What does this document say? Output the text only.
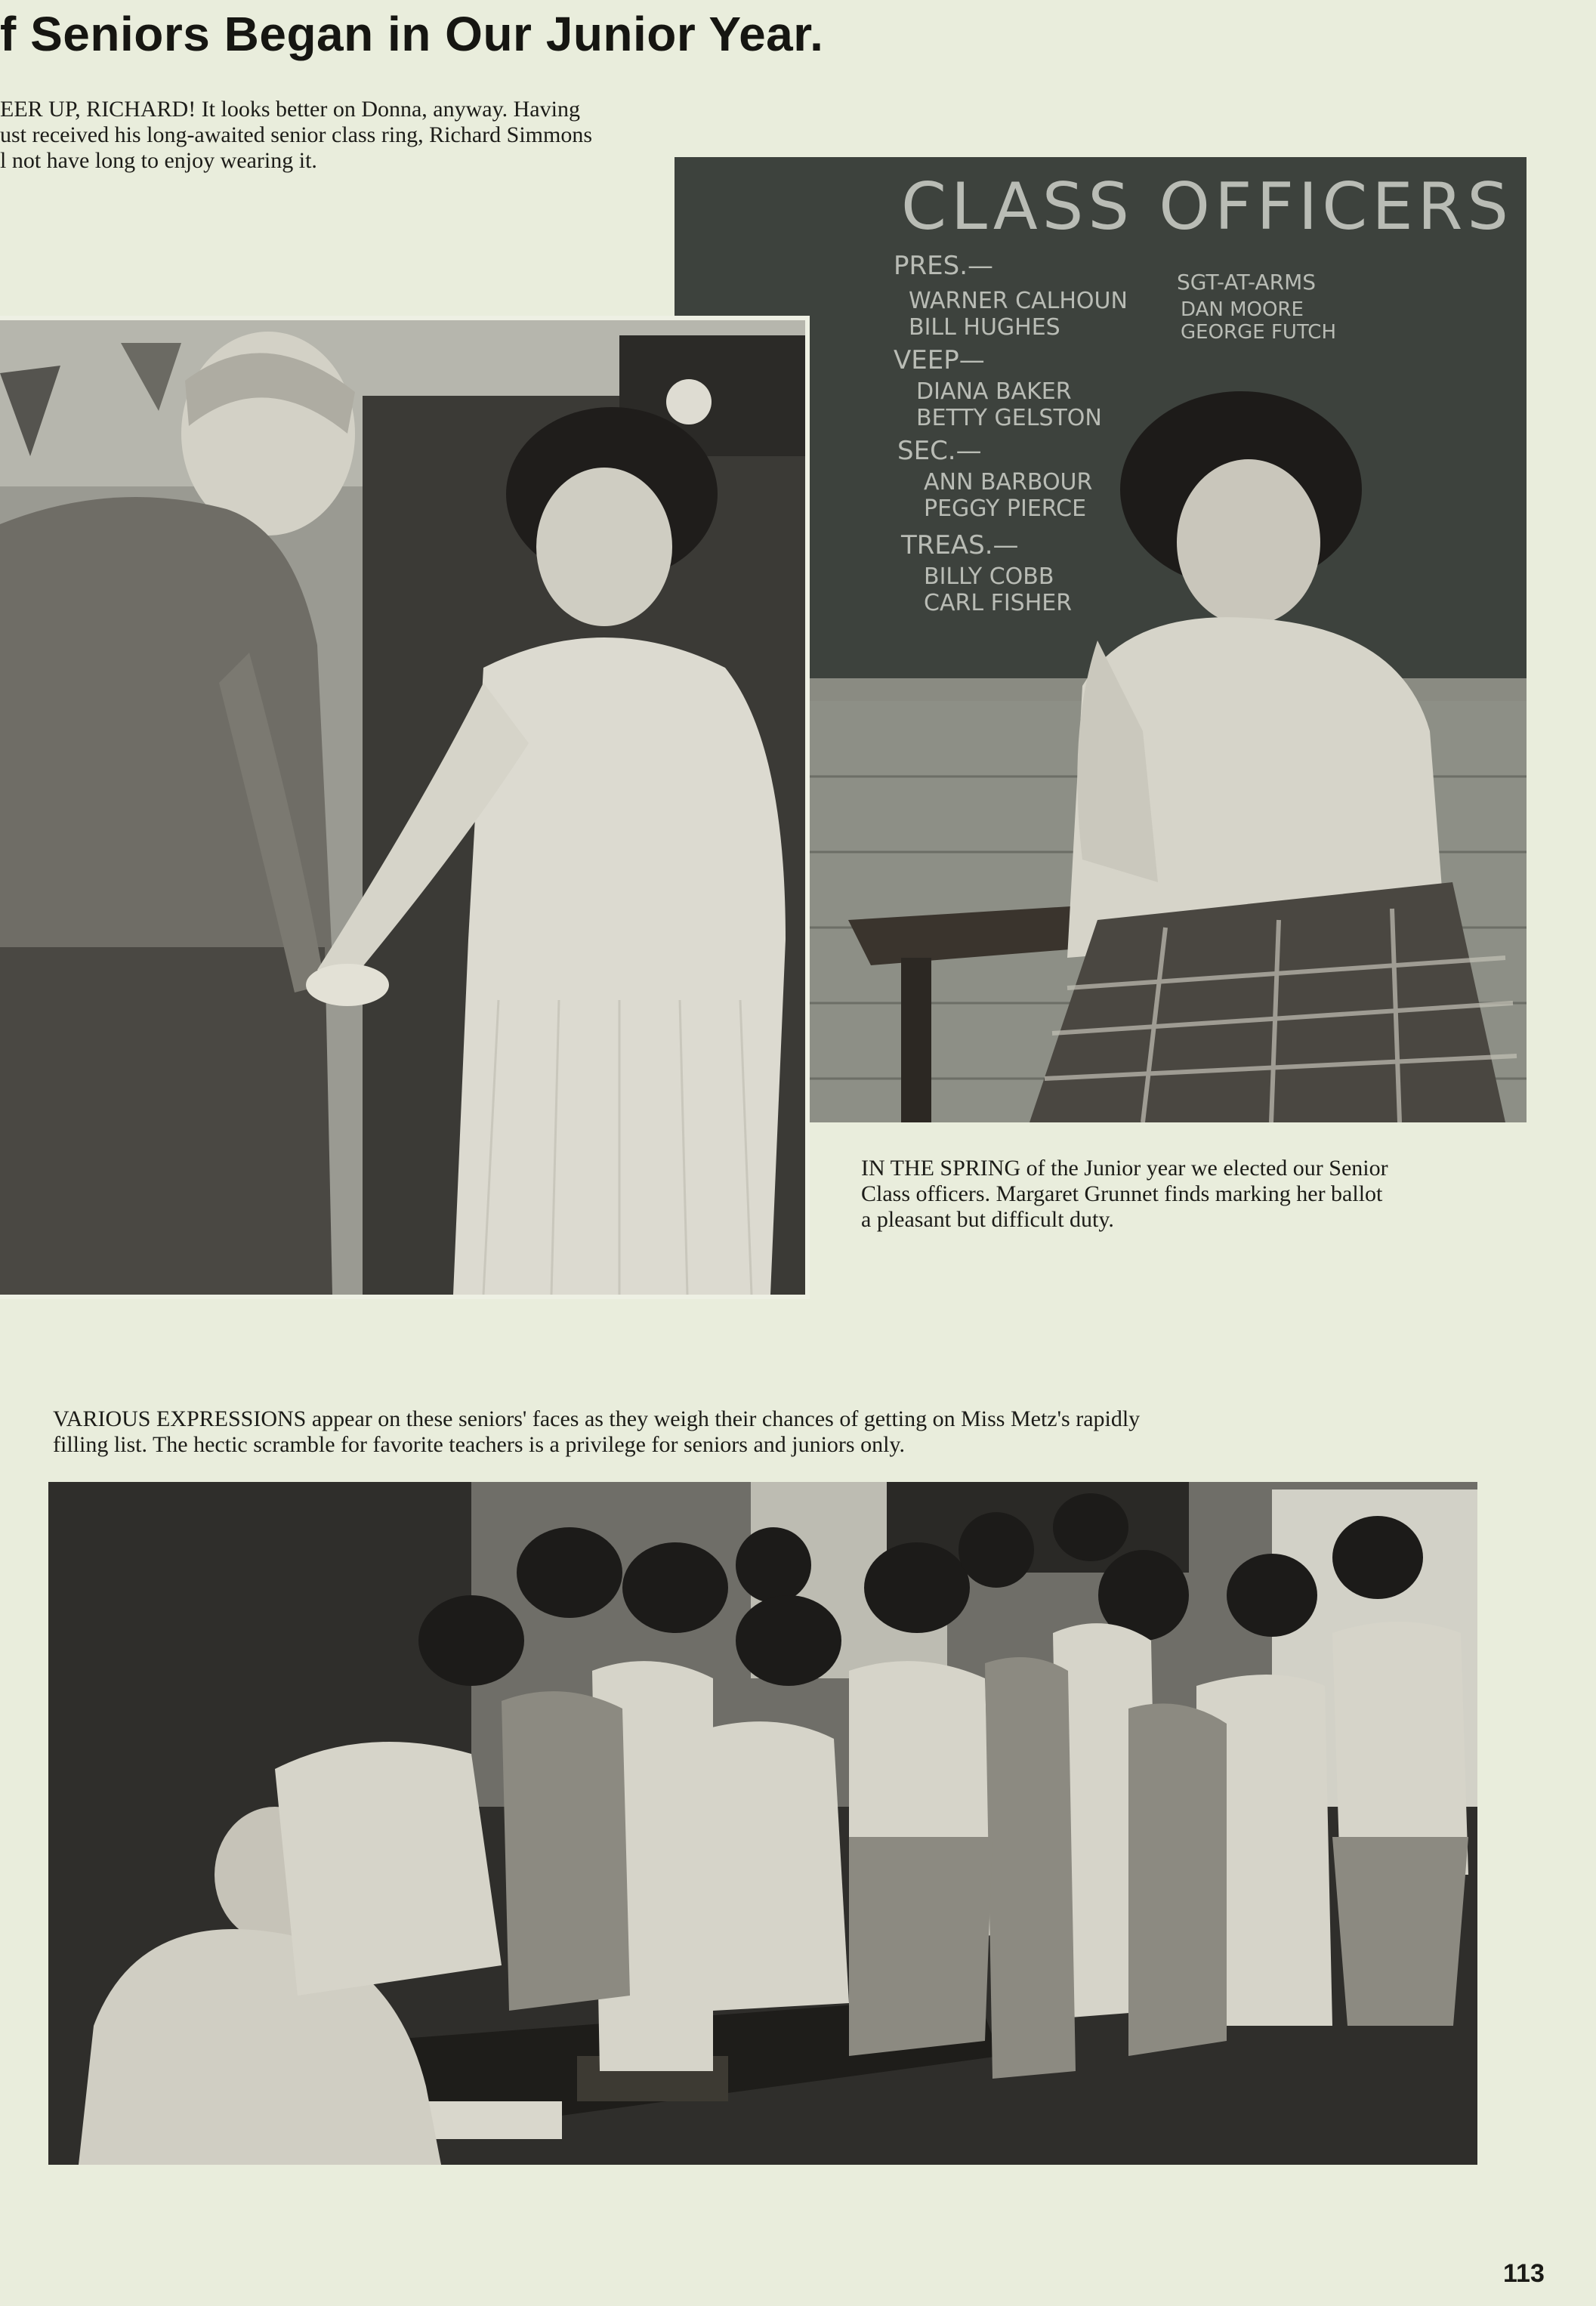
f Seniors Began in Our Junior Year.
EER UP, RICHARD! It looks better on Donna, anyway. Having
ust received his long-awaited senior class ring, Richard Simmons
l not have long to enjoy wearing it.
CLASS OFFICERS
PRES.—
WARNER CALHOUN
BILL HUGHES
VEEP—
DIANA BAKER
BETTY GELSTON
SEC.—
ANN BARBOUR
PEGGY PIERCE
TREAS.—
BILLY COBB
CARL FISHER
SGT-AT-ARMS
DAN MOORE
GEORGE FUTCH
IN THE SPRING of the Junior year we elected our Senior
Class officers. Margaret Grunnet finds marking her ballot
a pleasant but difficult duty.
VARIOUS EXPRESSIONS appear on these seniors' faces as they weigh their chances of getting on Miss Metz's rapidly
filling list. The hectic scramble for favorite teachers is a privilege for seniors and juniors only.
113
